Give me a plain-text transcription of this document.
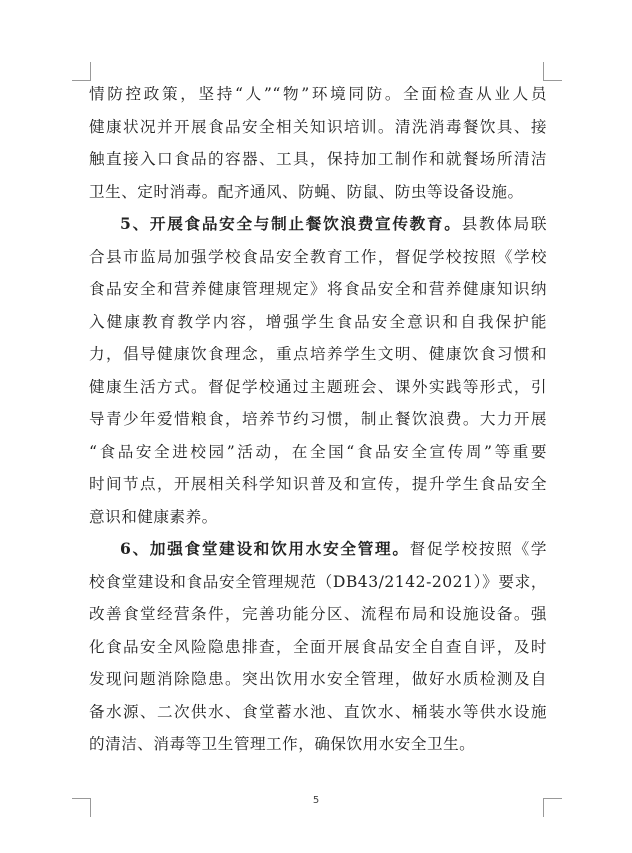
情防控政策，坚持“人”“物”环境同防。全面检查从业人员
健康状况并开展食品安全相关知识培训。清洗消毒餐饮具、接
触直接入口食品的容器、工具，保持加工制作和就餐场所清洁
卫生、定时消毒。配齐通风、防蝇、防鼠、防虫等设备设施。
5、开展食品安全与制止餐饮浪费宣传教育。县教体局联
合县市监局加强学校食品安全教育工作，督促学校按照《学校
食品安全和营养健康管理规定》将食品安全和营养健康知识纳
入健康教育教学内容，增强学生食品安全意识和自我保护能
力，倡导健康饮食理念，重点培养学生文明、健康饮食习惯和
健康生活方式。督促学校通过主题班会、课外实践等形式，引
导青少年爱惜粮食，培养节约习惯，制止餐饮浪费。大力开展
“食品安全进校园”活动，在全国“食品安全宣传周”等重要
时间节点，开展相关科学知识普及和宣传，提升学生食品安全
意识和健康素养。
6、加强食堂建设和饮用水安全管理。督促学校按照《学
校食堂建设和食品安全管理规范（DB43/2142-2021）》要求，
改善食堂经营条件，完善功能分区、流程布局和设施设备。强
化食品安全风险隐患排查，全面开展食品安全自查自评，及时
发现问题消除隐患。突出饮用水安全管理，做好水质检测及自
备水源、二次供水、食堂蓄水池、直饮水、桶装水等供水设施
的清洁、消毒等卫生管理工作，确保饮用水安全卫生。
5
